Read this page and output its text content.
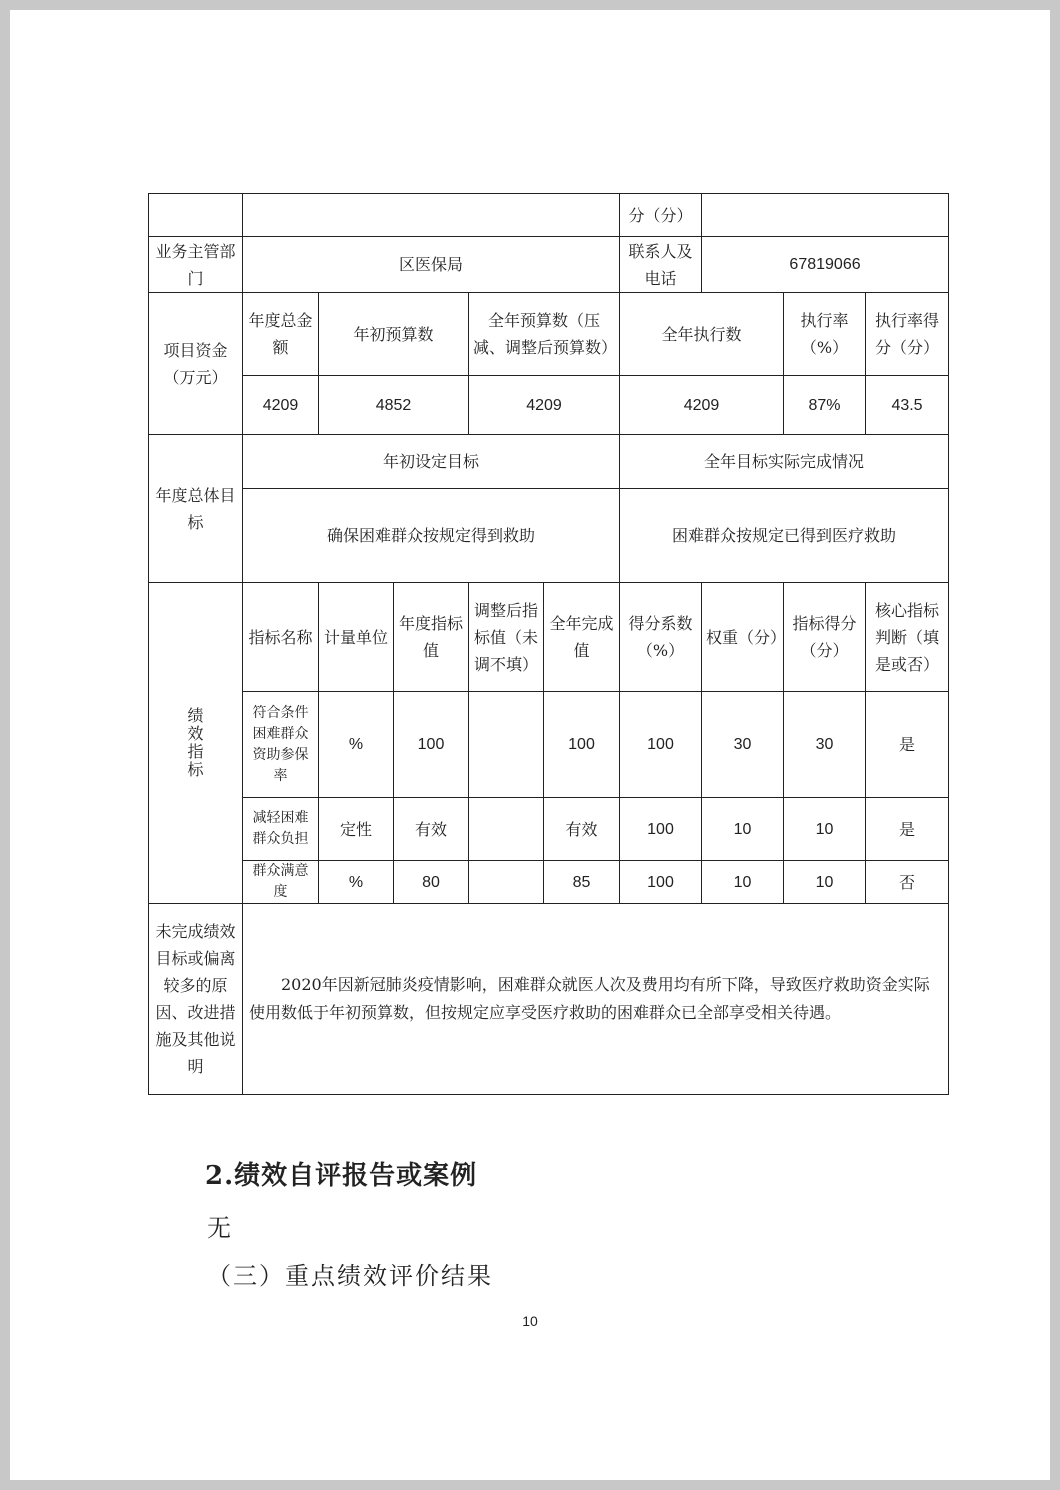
						分（分）			
业务主管部门	区医保局					联系人及电话	67819066		
项目资金（万元）	年度总金额	年初预算数		全年预算数（压减、调整后预算数）		全年执行数		执行率（%）	执行率得分（分）
	4209	4852		4209		4209		87%	43.5
年度总体目标	年初设定目标					全年目标实际完成情况			
	确保困难群众按规定得到救助					困难群众按规定已得到医疗救助			

绩效指标	指标名称	计量单位	年度指标值	调整后指标值（未调不填）	全年完成值	得分系数（%）	权重（分）	指标得分（分）	核心指标判断（填是或否）
	符合条件困难群众资助参保率	%	100		100	100	30	30	是
	减轻困难群众负担	定性	有效		有效	100	10	10	是
	群众满意度	%	80		85	100	10	10	否
未完成绩效目标或偏离较多的原因、改进措施及其他说明	2020年因新冠肺炎疫情影响，困难群众就医人次及费用均有所下降，导致医疗救助资金实际使用数低于年初预算数，但按规定应享受医疗救助的困难群众已全部享受相关待遇。								
2.绩效自评报告或案例
无
（三）重点绩效评价结果
10
